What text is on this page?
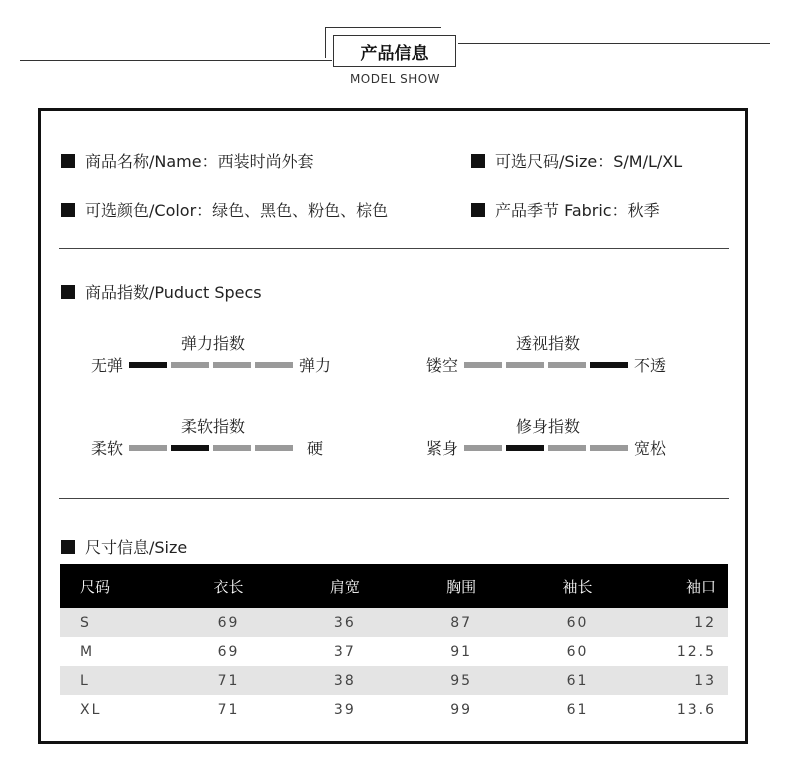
产品信息
MODEL SHOW
商品名称/Name：西装时尚外套	可选尺码/Size：S/M/L/XL
可选颜色/Color：绿色、黑色、粉色、棕色	产品季节 Fabric：秋季
商品指数/Puduct Specs
弹力指数
无弹	弹力
透视指数
镂空	不透
柔软指数
柔软	硬
修身指数
紧身	宽松
尺寸信息/Size
尺码	衣长	肩宽	胸围	袖长	袖口
S	69	36	87	60	12
M	69	37	91	60	12.5
L	71	38	95	61	13
XL	71	39	99	61	13.6
